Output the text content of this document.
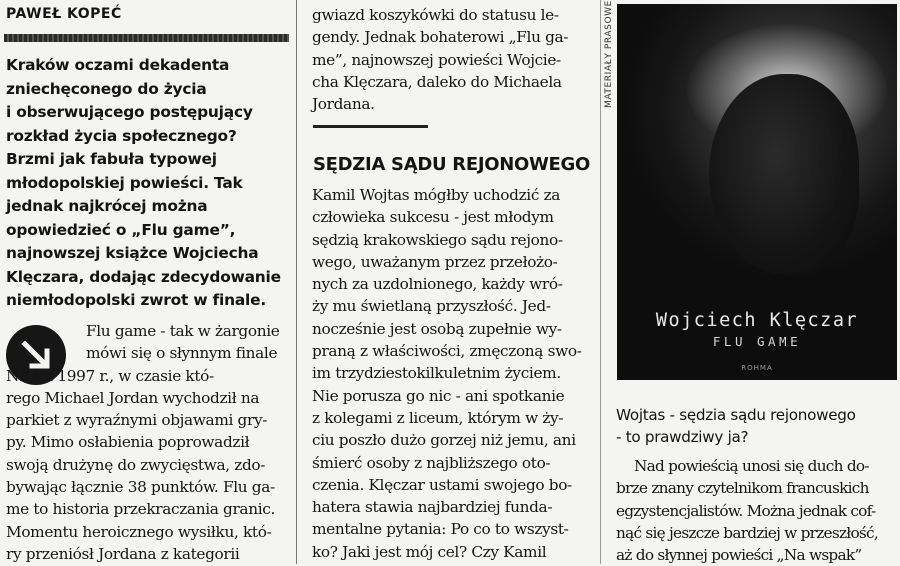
PAWEŁ KOPEĆ

Kraków oczami dekadenta

zniechęconego do życia

i obserwującego postępujący

rozkład życia społecznego?

Brzmi jak fabuła typowej

młodopolskiej powieści. Tak

jednak najkrócej można

opowiedzieć o „Flu game”,

najnowszej książce Wojciecha

Klęczara, dodając zdecydowanie

niemłodopolski zwrot w finale.

Flu game - tak w żargonie

mówi się o słynnym finale

NBA z 1997 r., w czasie któ-

rego Michael Jordan wychodził na

parkiet z wyraźnymi objawami gry-

py. Mimo osłabienia poprowadził

swoją drużynę do zwycięstwa, zdo-

bywając łącznie 38 punktów. Flu ga-

me to historia przekraczania granic.

Momentu heroicznego wysiłku, któ-

ry przeniósł Jordana z kategorii

gwiazd koszykówki do statusu le-

gendy. Jednak bohaterowi „Flu ga-

me”, najnowszej powieści Wojcie-

cha Klęczara, daleko do Michaela

Jordana.

SĘDZIA SĄDU REJONOWEGO

Kamil Wojtas mógłby uchodzić za

człowieka sukcesu - jest młodym

sędzią krakowskiego sądu rejono-

wego, uważanym przez przełożo-

nych za uzdolnionego, każdy wró-

ży mu świetlaną przyszłość. Jed-

nocześnie jest osobą zupełnie wy-

praną z właściwości, zmęczoną swo-

im trzydziestokilkuletnim życiem.

Nie porusza go nic - ani spotkanie

z kolegami z liceum, którym w ży-

ciu poszło dużo gorzej niż jemu, ani

śmierć osoby z najbliższego oto-

czenia. Klęczar ustami swojego bo-

hatera stawia najbardziej funda-

mentalne pytania: Po co to wszyst-

ko? Jaki jest mój cel? Czy Kamil

MATERIAŁY PRASOWE
Wojciech Klęczar
FLU GAME
ROHMA

Wojtas - sędzia sądu rejonowego

- to prawdziwy ja?

Nad powieścią unosi się duch do-

brze znany czytelnikom francuskich

egzystencjalistów. Można jednak cof-

nąć się jeszcze bardziej w przeszłość,

aż do słynnej powieści „Na wspak”
